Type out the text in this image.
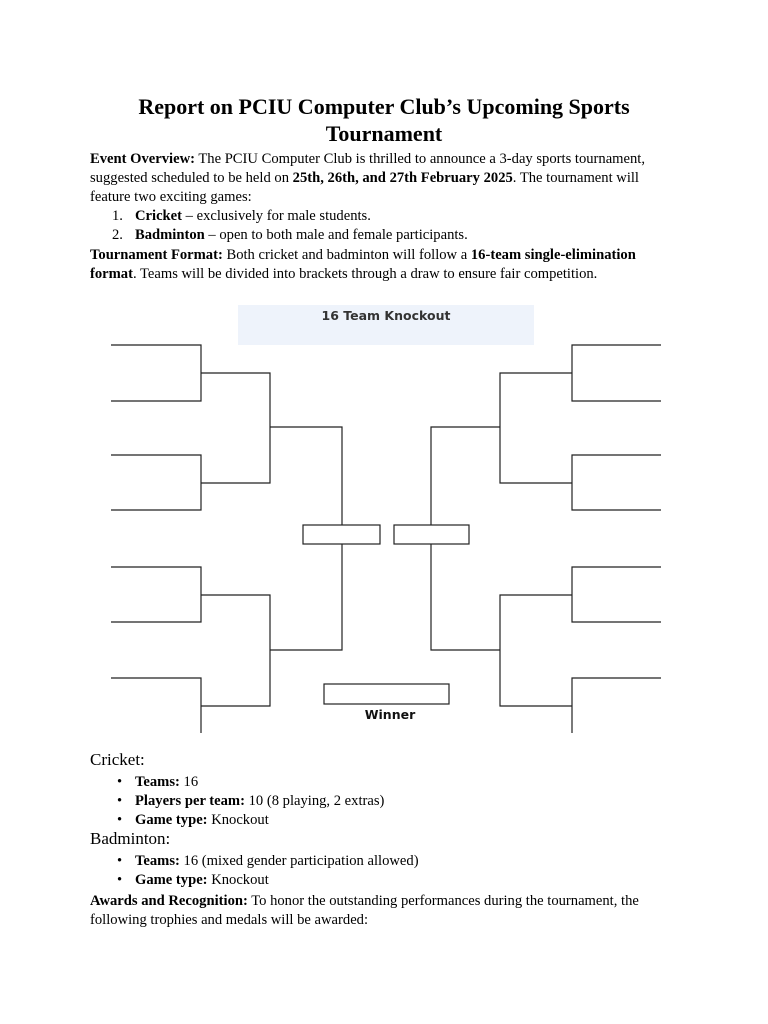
Report on PCIU Computer Club’s Upcoming Sports Tournament

Event Overview: The PCIU Computer Club is thrilled to announce a 3-day sports tournament, suggested scheduled to be held on 25th, 26th, and 27th February 2025. The tournament will feature two exciting games:

1. Cricket – exclusively for male students.
2. Badminton – open to both male and female participants.

Tournament Format: Both cricket and badminton will follow a 16-team single-elimination format. Teams will be divided into brackets through a draw to ensure fair competition.

16 Team Knockout
Winner
Cricket:
• Teams: 16
• Players per team: 10 (8 playing, 2 extras)
• Game type: Knockout
Badminton:
• Teams: 16 (mixed gender participation allowed)
• Game type: Knockout

Awards and Recognition: To honor the outstanding performances during the tournament, the following trophies and medals will be awarded:
